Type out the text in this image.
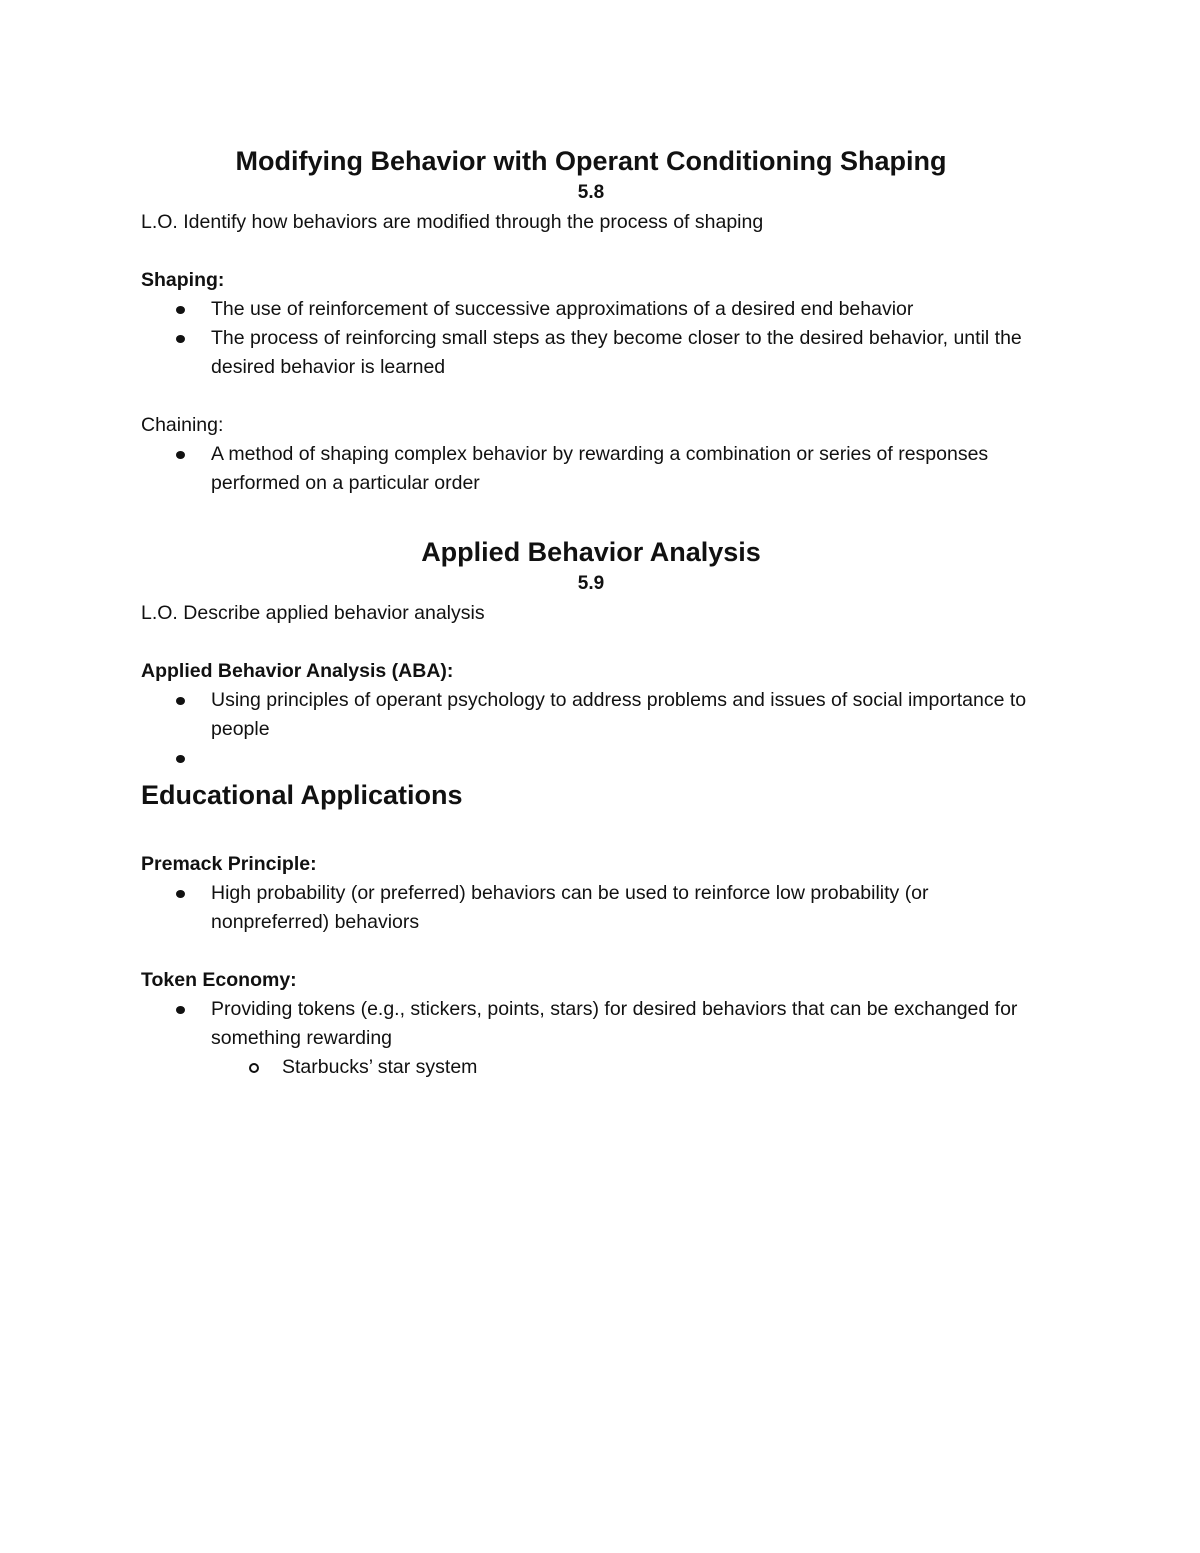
Modifying Behavior with Operant Conditioning Shaping

5.8

L.O. Identify how behaviors are modified through the process of shaping

Shaping:

The use of reinforcement of successive approximations of a desired end behavior
The process of reinforcing small steps as they become closer to the desired behavior, until the desired behavior is learned

Chaining:

A method of shaping complex behavior by rewarding a combination or series of responses performed on a particular order
Applied Behavior Analysis

5.9

L.O. Describe applied behavior analysis

Applied Behavior Analysis (ABA):

Using principles of operant psychology to address problems and issues of social importance to people
Educational Applications

Premack Principle:

High probability (or preferred) behaviors can be used to reinforce low probability (or nonpreferred) behaviors

Token Economy:

Providing tokens (e.g., stickers, points, stars) for desired behaviors that can be exchanged for something rewarding
Starbucks’ star system
